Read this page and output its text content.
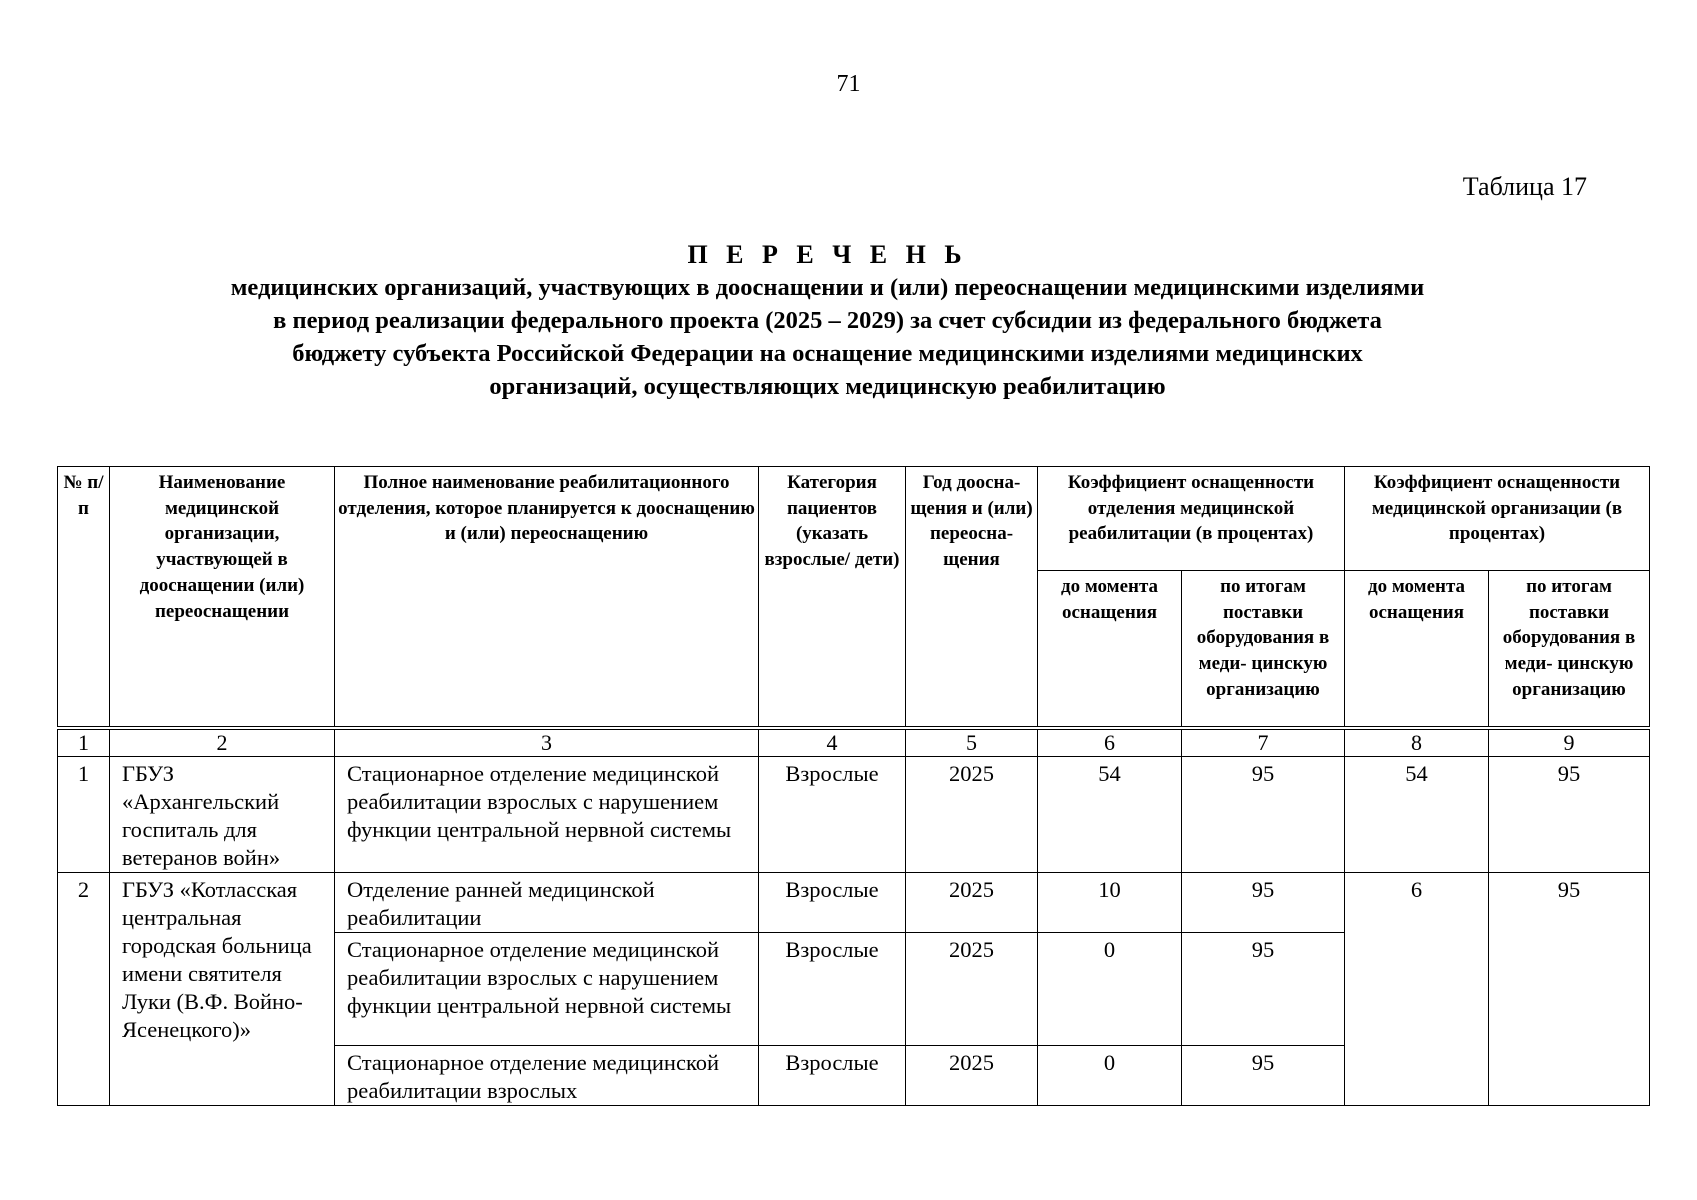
71
Таблица 17
П Е Р Е Ч Е Н Ь
медицинских организаций, участвующих в дооснащении и (или) переоснащении медицинскими изделиями
в период реализации федерального проекта (2025 – 2029) за счет субсидии из федерального бюджета
бюджету субъекта Российской Федерации на оснащение медицинскими изделиями медицинских
организаций, осуществляющих медицинскую реабилитацию
№ п/п	Наименование медицинской организации, участвующей в дооснащении (или) переоснащении	Полное наименование реабилитационного отделения, которое планируется к дооснащению и (или) переоснащению	Категория пациентов (указать взрослые/ дети)	Год доосна- щения и (или) переосна- щения	Коэффициент оснащенности отделения медицинской реабилитации (в процентах)		Коэффициент оснащенности медицинской организации (в процентах)	
					до момента оснащения	по итогам поставки оборудования в меди- цинскую организацию	до момента оснащения	по итогам поставки оборудования в меди- цинскую организацию
1	2	3	4	5	6	7	8	9
1	ГБУЗ «Архангельский госпиталь для ветеранов войн»	Стационарное отделение медицинской реабилитации взрослых с нарушением функции центральной нервной системы	Взрослые	2025	54	95	54	95
2	ГБУЗ «Котласская центральная городская больница имени святителя Луки (В.Ф. Войно-Ясенецкого)»	Отделение ранней медицинской реабилитации	Взрослые	2025	10	95	6	95
		Стационарное отделение медицинской реабилитации взрослых с нарушением функции центральной нервной системы	Взрослые	2025	0	95		
		Стационарное отделение медицинской реабилитации взрослых	Взрослые	2025	0	95		
